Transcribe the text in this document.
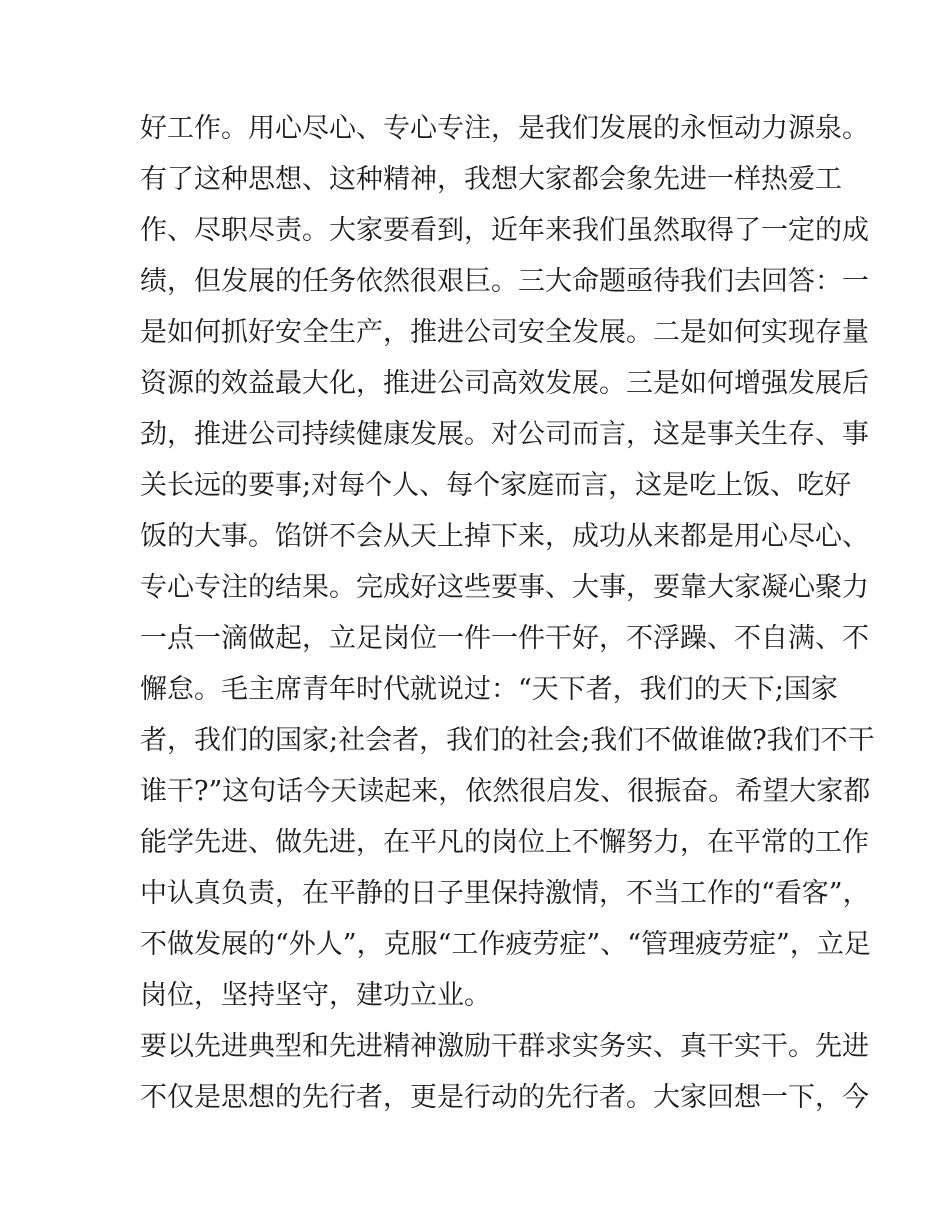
好工作。用心尽心、专心专注，是我们发展的永恒动力源泉。
有了这种思想、这种精神，我想大家都会象先进一样热爱工
作、尽职尽责。大家要看到，近年来我们虽然取得了一定的成
绩，但发展的任务依然很艰巨。三大命题亟待我们去回答：一
是如何抓好安全生产，推进公司安全发展。二是如何实现存量
资源的效益最大化，推进公司高效发展。三是如何增强发展后
劲，推进公司持续健康发展。对公司而言，这是事关生存、事
关长远的要事;对每个人、每个家庭而言，这是吃上饭、吃好
饭的大事。馅饼不会从天上掉下来，成功从来都是用心尽心、
专心专注的结果。完成好这些要事、大事，要靠大家凝心聚力
一点一滴做起，立足岗位一件一件干好，不浮躁、不自满、不
懈怠。毛主席青年时代就说过：“天下者，我们的天下;国家
者，我们的国家;社会者，我们的社会;我们不做谁做?我们不干
谁干?”这句话今天读起来，依然很启发、很振奋。希望大家都
能学先进、做先进，在平凡的岗位上不懈努力，在平常的工作
中认真负责，在平静的日子里保持激情，不当工作的“看客”，
不做发展的“外人”，克服“工作疲劳症”、“管理疲劳症”，立足
岗位，坚持坚守，建功立业。
要以先进典型和先进精神激励干群求实务实、真干实干。先进
不仅是思想的先行者，更是行动的先行者。大家回想一下，今
